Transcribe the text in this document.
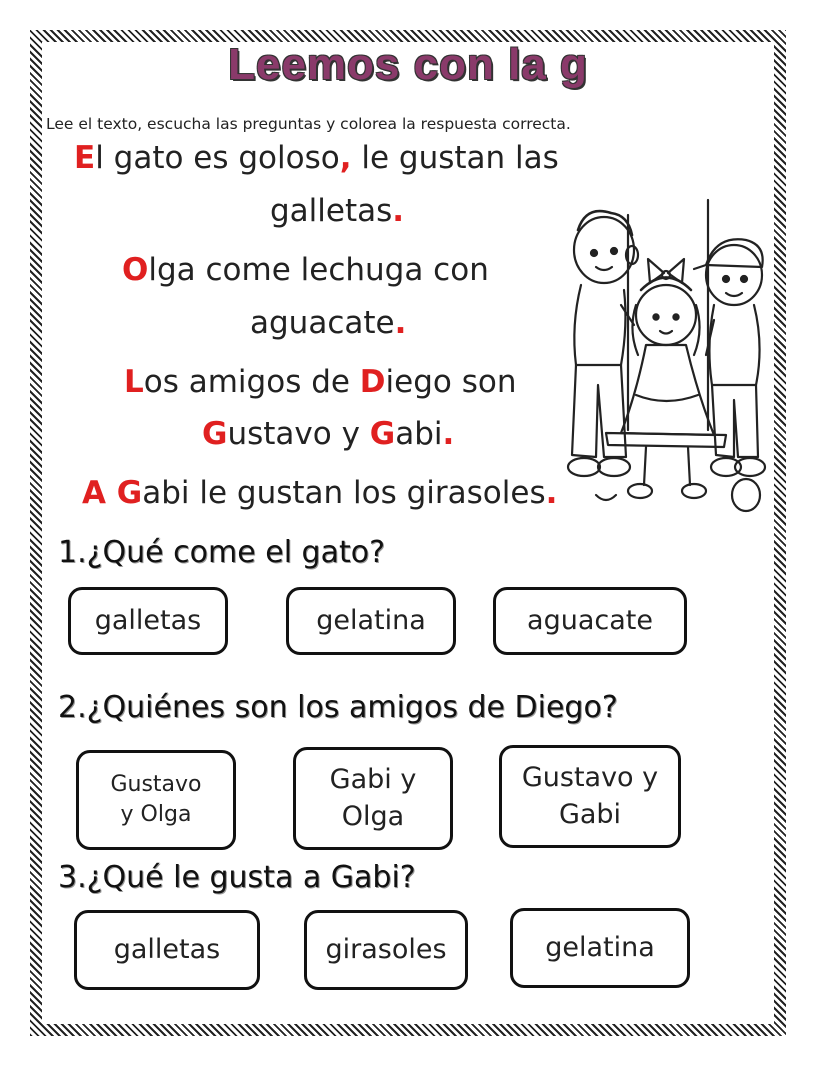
Leemos con la g
Lee el texto, escucha las preguntas y colorea la respuesta correcta.
El gato es goloso, le gustan las
galletas.
Olga come lechuga con
aguacate.
Los amigos de Diego son
Gustavo y Gabi.
A Gabi le gustan los girasoles.
1.¿Qué come el gato?
galletas	gelatina	aguacate
2.¿Quiénes son los amigos de Diego?
Gustavo
y Olga
Gabi y
Olga
Gustavo y
Gabi
3.¿Qué le gusta a Gabi?
galletas	girasoles	gelatina
